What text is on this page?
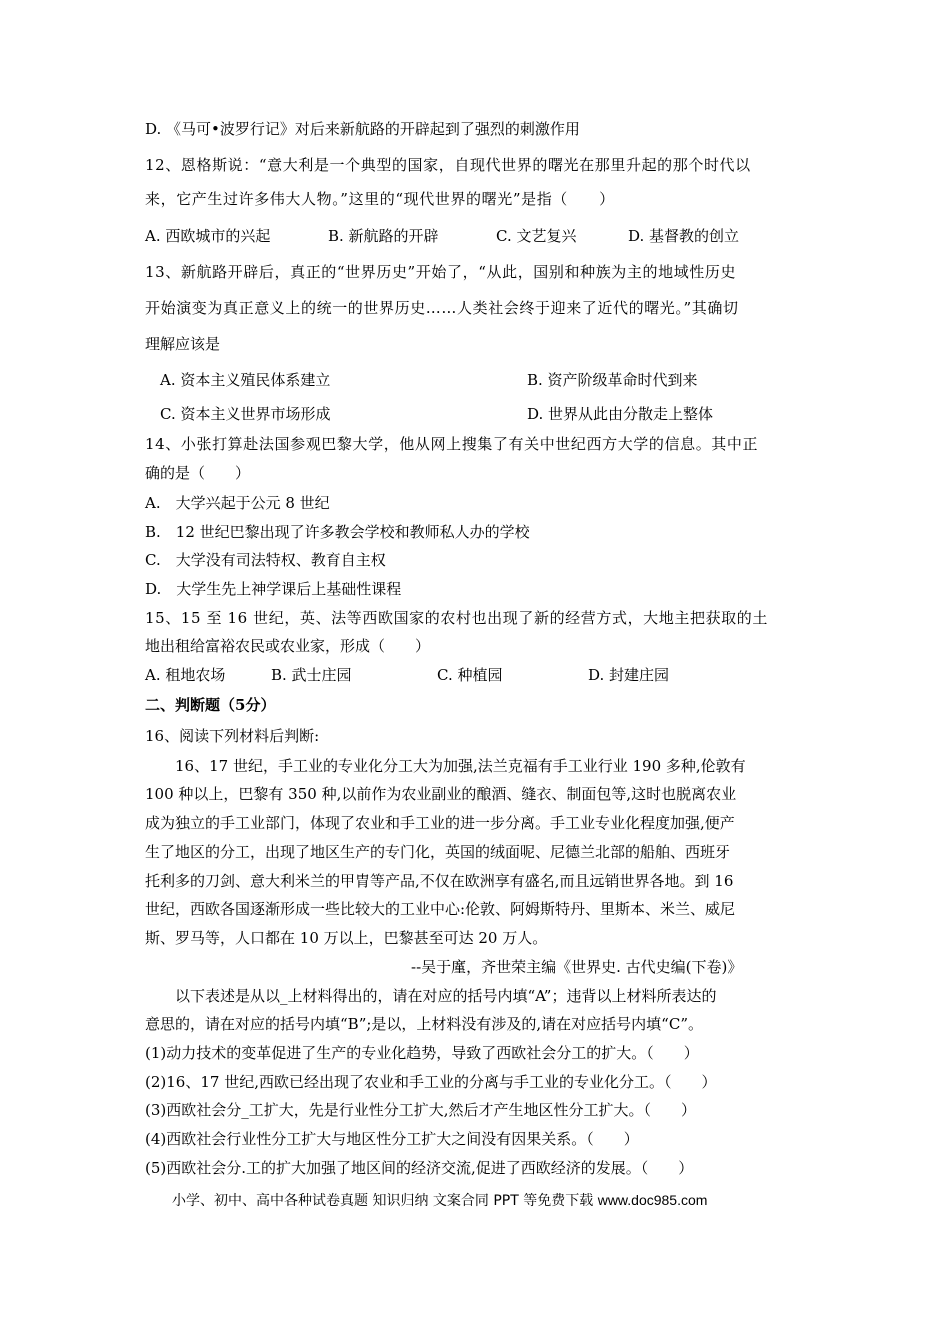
D. 《马可•波罗行记》对后来新航路的开辟起到了强烈的刺激作用
12、恩格斯说：“意大利是一个典型的国家，自现代世界的曙光在那里升起的那个时代以
来，它产生过许多伟大人物。”这里的“现代世界的曙光”是指（　　）
A. 西欧城市的兴起	B. 新航路的开辟	C. 文艺复兴	D. 基督教的创立
13、新航路开辟后，真正的“世界历史”开始了，“从此，国别和种族为主的地域性历史
开始演变为真正意义上的统一的世界历史……人类社会终于迎来了近代的曙光。”其确切
理解应该是
A. 资本主义殖民体系建立	B. 资产阶级革命时代到来
C. 资本主义世界市场形成	D. 世界从此由分散走上整体
14、小张打算赴法国参观巴黎大学，他从网上搜集了有关中世纪西方大学的信息。其中正
确的是（　　）
A.　大学兴起于公元 8 世纪
B.　12 世纪巴黎出现了许多教会学校和教师私人办的学校
C.　大学没有司法特权、教育自主权
D.　大学生先上神学课后上基础性课程
15、15 至 16 世纪，英、法等西欧国家的农村也出现了新的经营方式，大地主把获取的土
地出租给富裕农民或农业家，形成（　　）
A. 租地农场	B. 武士庄园	C. 种植园	D. 封建庄园
二、判断题（5分）
16、阅读下列材料后判断:
　　16、17 世纪，手工业的专业化分工大为加强,法兰克福有手工业行业 190 多种,伦敦有
100 种以上，巴黎有 350 种,以前作为农业副业的酿酒、缝衣、制面包等,这时也脱离农业
成为独立的手工业部门，体现了农业和手工业的进一步分离。手工业专业化程度加强,便产
生了地区的分工，出现了地区生产的专门化，英国的绒面呢、尼德兰北部的船舶、西班牙
托利多的刀剑、意大利米兰的甲胄等产品,不仅在欧洲享有盛名,而且远销世界各地。到 16
世纪，西欧各国逐渐形成一些比较大的工业中心:伦敦、阿姆斯特丹、里斯本、米兰、威尼
斯、罗马等，人口都在 10 万以上，巴黎甚至可达 20 万人。
--吴于廑，齐世荣主编《世界史. 古代史编(下卷)》
　　以下表述是从以_上材料得出的，请在对应的括号内填“A”；违背以上材料所表达的
意思的，请在对应的括号内填“B”;是以，上材料没有涉及的,请在对应括号内填“C”。
(1)动力技术的变革促进了生产的专业化趋势，导致了西欧社会分工的扩大。（　　）
(2)16、17 世纪,西欧已经出现了农业和手工业的分离与手工业的专业化分工。（　　）
(3)西欧社会分_工扩大，先是行业性分工扩大,然后才产生地区性分工扩大。（　　）
(4)西欧社会行业性分工扩大与地区性分工扩大之间没有因果关系。（　　）
(5)西欧社会分.工的扩大加强了地区间的经济交流,促进了西欧经济的发展。（　　）
小学、初中、高中各种试卷真题 知识归纳 文案合同 PPT 等免费下载 www.doc985.com
